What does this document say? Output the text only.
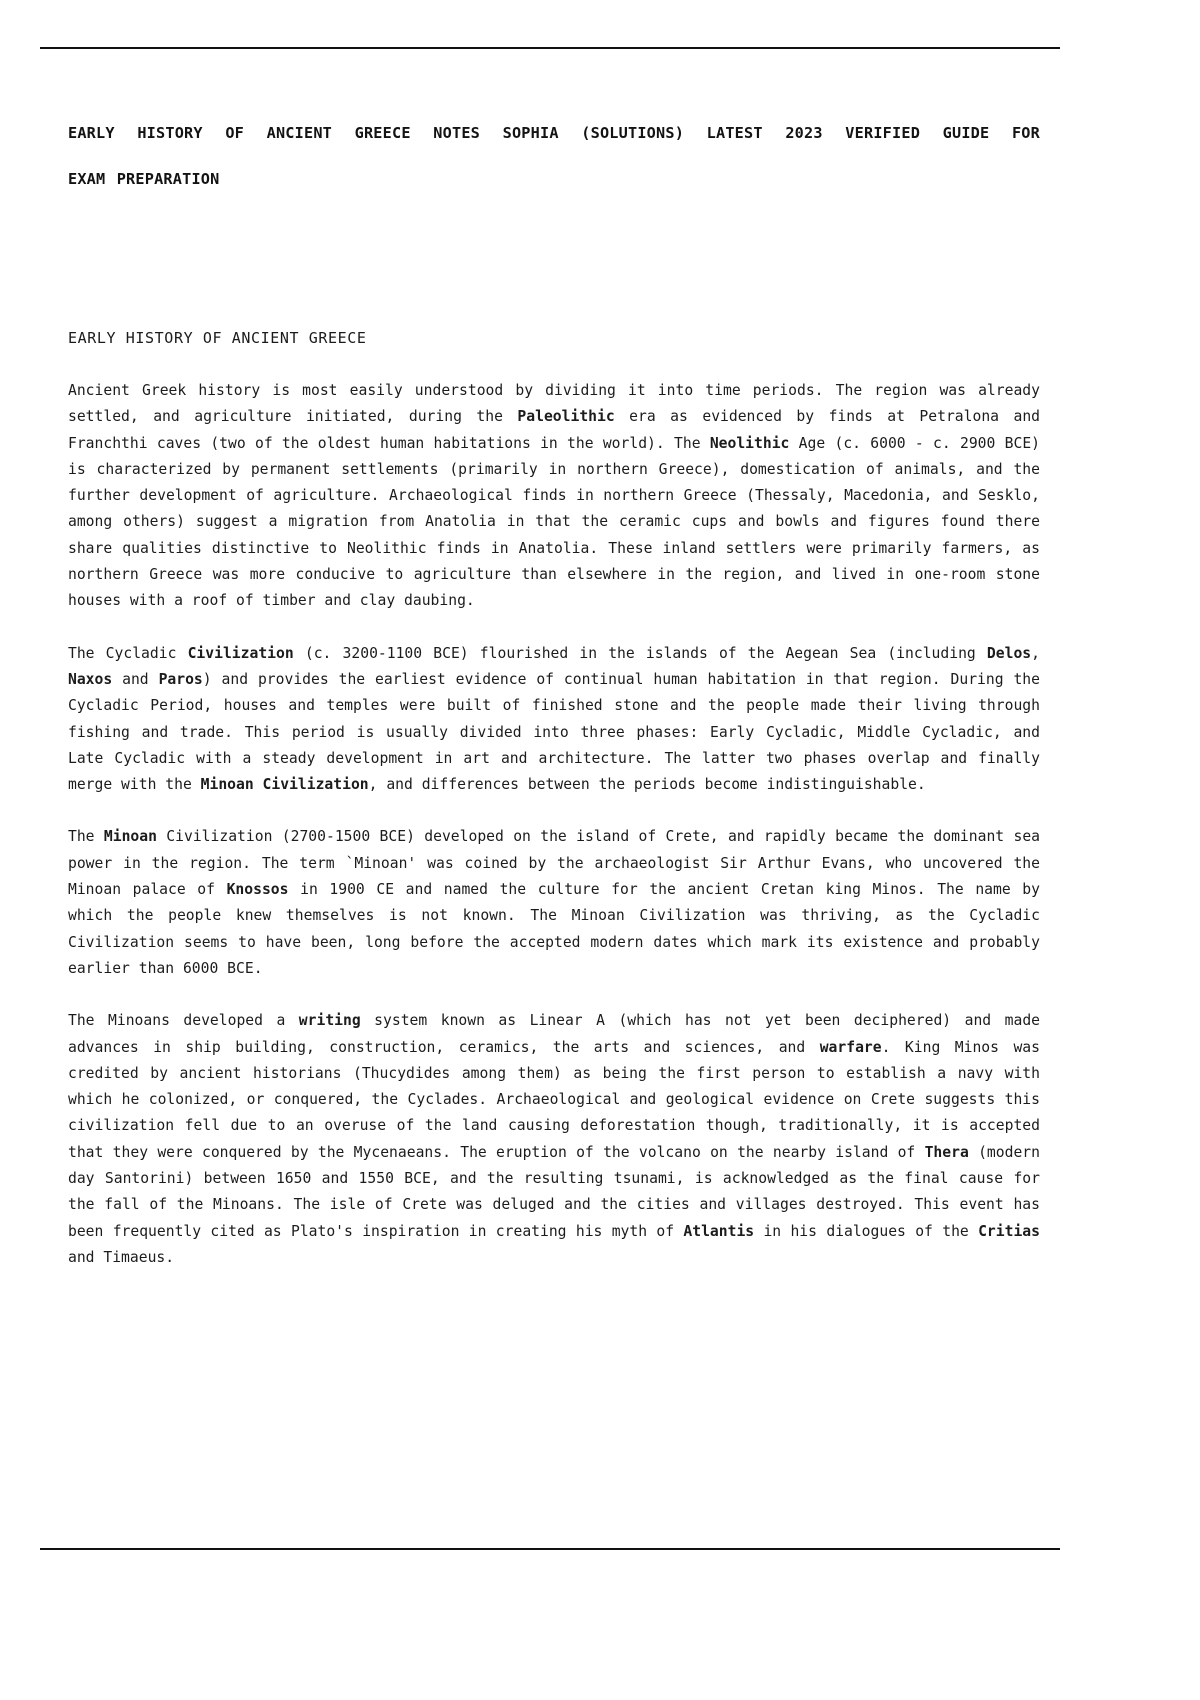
EARLY HISTORY OF ANCIENT GREECE NOTES SOPHIA (SOLUTIONS) LATEST 2023 VERIFIED GUIDE FOR
EXAM PREPARATION
EARLY HISTORY OF ANCIENT GREECE

Ancient Greek history is most easily understood by dividing it into time periods. The region was already settled, and agriculture initiated, during the Paleolithic era as evidenced by finds at Petralona and Franchthi caves (two of the oldest human habitations in the world). The Neolithic Age (c. 6000 - c. 2900 BCE) is characterized by permanent settlements (primarily in northern Greece), domestication of animals, and the further development of agriculture. Archaeological finds in northern Greece (Thessaly, Macedonia, and Sesklo, among others) suggest a migration from Anatolia in that the ceramic cups and bowls and figures found there share qualities distinctive to Neolithic finds in Anatolia. These inland settlers were primarily farmers, as northern Greece was more conducive to agriculture than elsewhere in the region, and lived in one-room stone houses with a roof of timber and clay daubing.

The Cycladic Civilization (c. 3200-1100 BCE) flourished in the islands of the Aegean Sea (including Delos, Naxos and Paros) and provides the earliest evidence of continual human habitation in that region. During the Cycladic Period, houses and temples were built of finished stone and the people made their living through fishing and trade. This period is usually divided into three phases: Early Cycladic, Middle Cycladic, and Late Cycladic with a steady development in art and architecture. The latter two phases overlap and finally merge with the Minoan Civilization, and differences between the periods become indistinguishable.

The Minoan Civilization (2700-1500 BCE) developed on the island of Crete, and rapidly became the dominant sea power in the region. The term `Minoan' was coined by the archaeologist Sir Arthur Evans, who uncovered the Minoan palace of Knossos in 1900 CE and named the culture for the ancient Cretan king Minos. The name by which the people knew themselves is not known. The Minoan Civilization was thriving, as the Cycladic Civilization seems to have been, long before the accepted modern dates which mark its existence and probably earlier than 6000 BCE.

The Minoans developed a writing system known as Linear A (which has not yet been deciphered) and made advances in ship building, construction, ceramics, the arts and sciences, and warfare. King Minos was credited by ancient historians (Thucydides among them) as being the first person to establish a navy with which he colonized, or conquered, the Cyclades. Archaeological and geological evidence on Crete suggests this civilization fell due to an overuse of the land causing deforestation though, traditionally, it is accepted that they were conquered by the Mycenaeans. The eruption of the volcano on the nearby island of Thera (modern day Santorini) between 1650 and 1550 BCE, and the resulting tsunami, is acknowledged as the final cause for the fall of the Minoans. The isle of Crete was deluged and the cities and villages destroyed. This event has been frequently cited as Plato's inspiration in creating his myth of Atlantis in his dialogues of the Critias and Timaeus.
